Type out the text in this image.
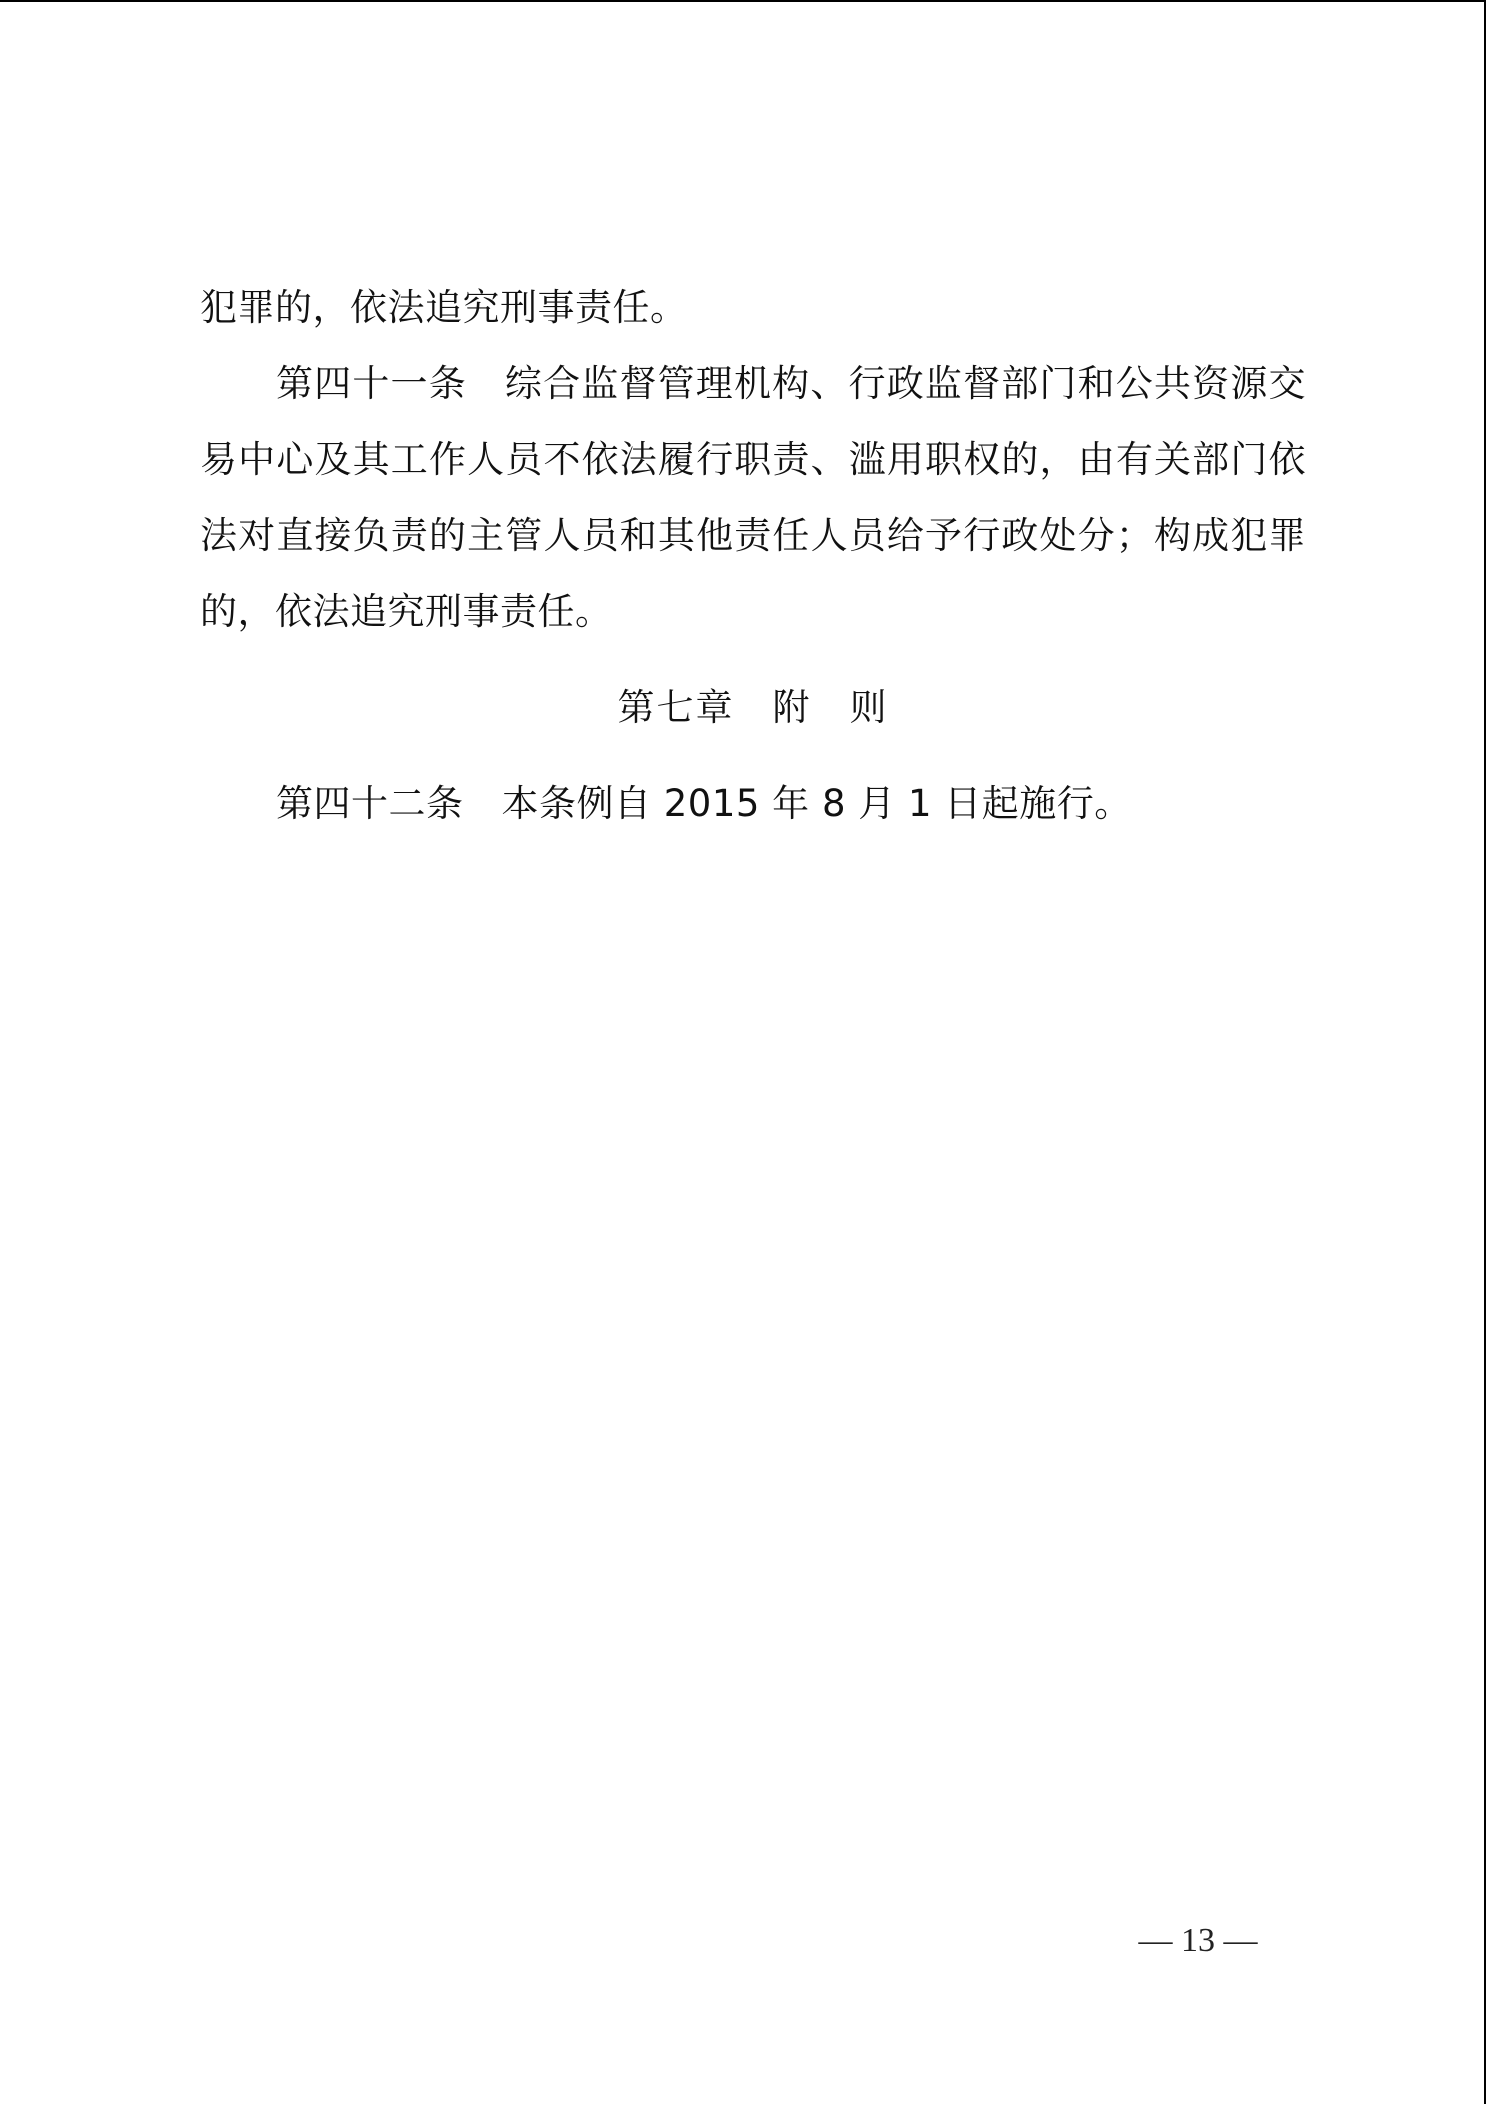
犯罪的，依法追究刑事责任。

第四十一条 综合监督管理机构、行政监督部门和公共资源交易中心及其工作人员不依法履行职责、滥用职权的，由有关部门依法对直接负责的主管人员和其他责任人员给予行政处分；构成犯罪的，依法追究刑事责任。

第七章 附 则

第四十二条 本条例自 2015 年 8 月 1 日起施行。

— 13 —
